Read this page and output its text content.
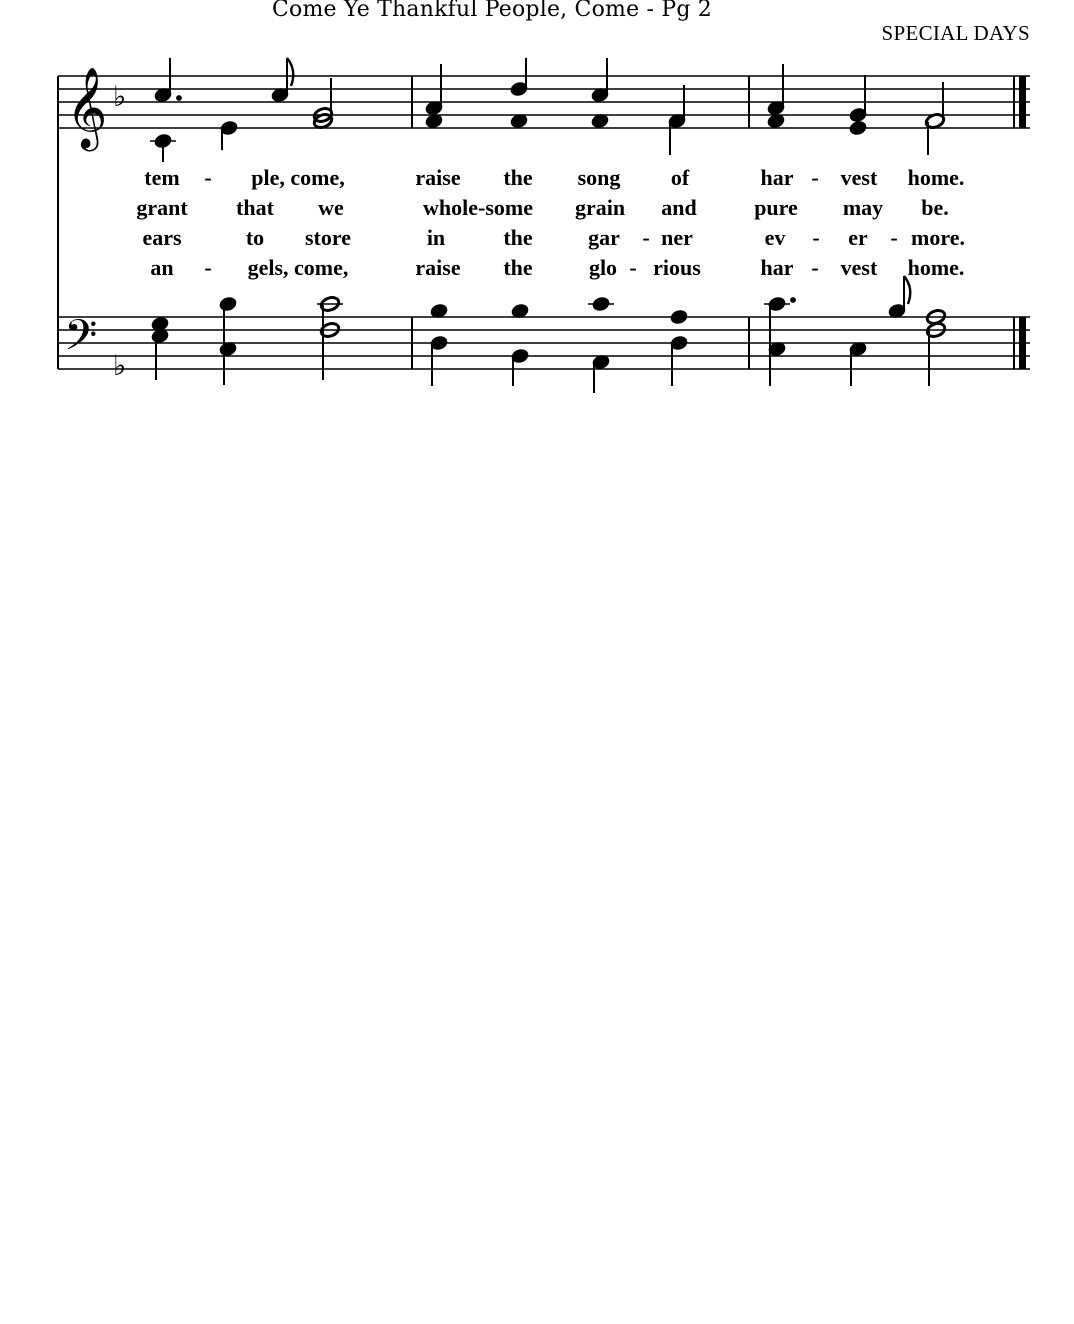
Come Ye Thankful People, Come - Pg 2
SPECIAL DAYS
𝄞 ♭
𝄢 ♭
tem - ple, come,	raise the song of	har - vest home.
grant that we	whole-some grain and	pure may be.
ears	to store	in	the	gar - ner	ev - er - more.
an - gels, come,	raise the	glo - rious	har - vest home.
